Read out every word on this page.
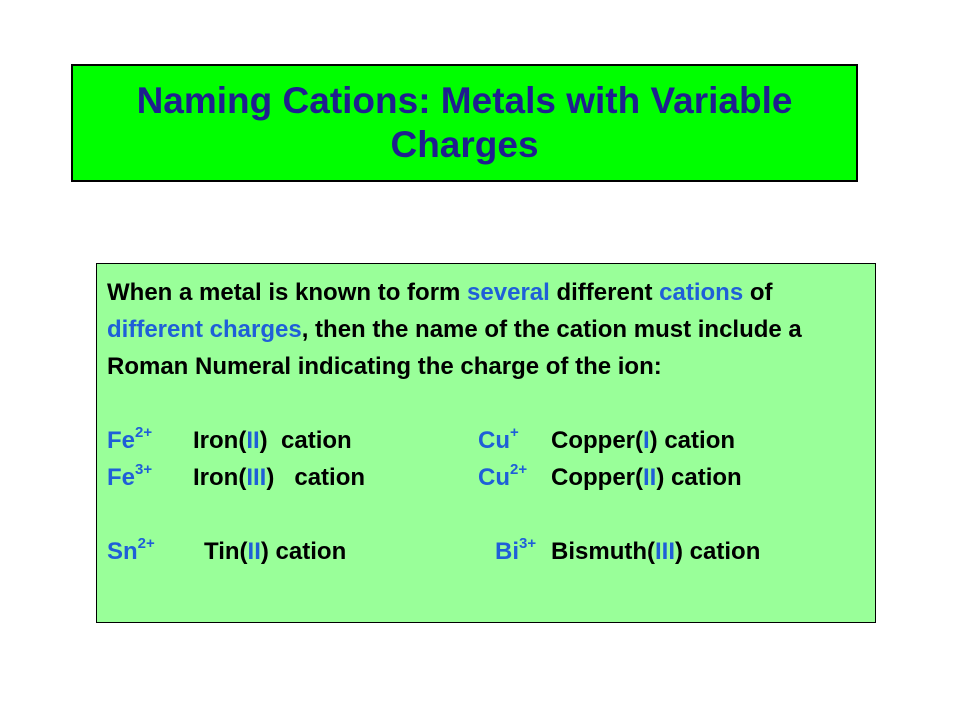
Naming Cations: Metals with Variable Charges
When a metal is known to form several different cations of different charges, then the name of the cation must include a Roman Numeral indicating the charge of the ion:
$Fe^{2+}$ Iron(II)  cation	Cu+ Copper(I) cation
$Fe^{3+}$ Iron(III)   cation	$Cu^{2+}$ Copper(II) cation
$Sn^{2+}$ Tin(II) cation	$Bi^{3+}$ Bismuth(III) cation
